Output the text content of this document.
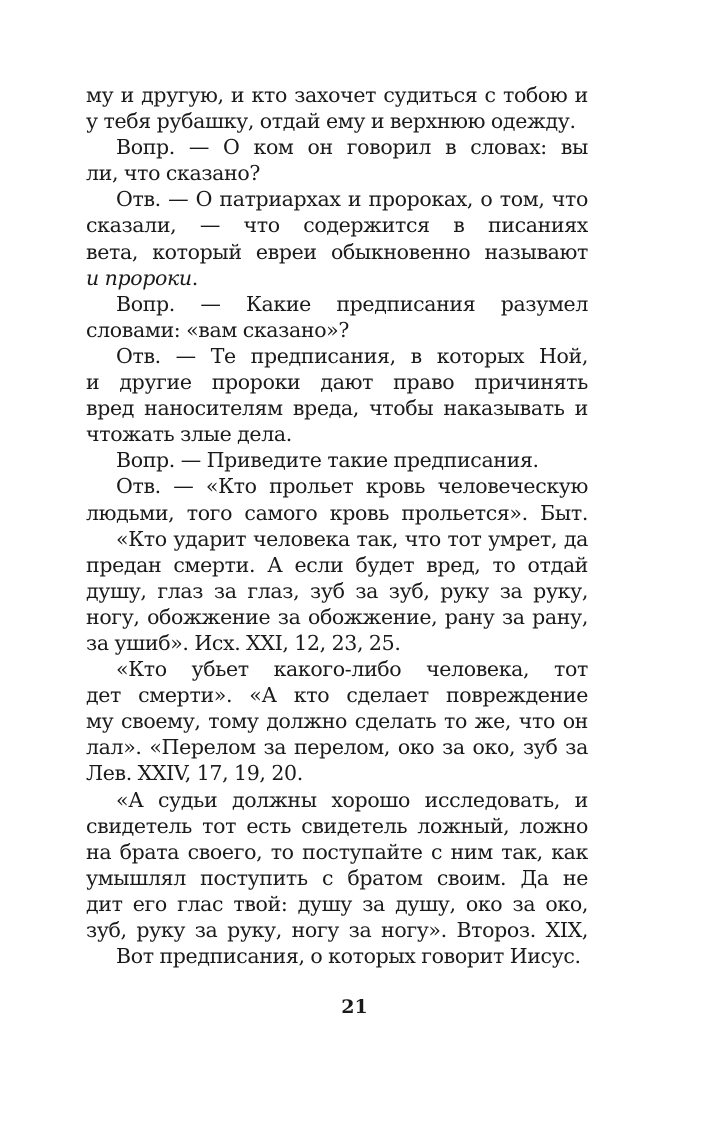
му и другую, и кто захочет судиться с тобою и
у тебя рубашку, отдай ему и верхнюю одежду.
Вопр. — О ком он говорил в словах: вы
ли, что сказано?
Отв. — О патриархах и пророках, о том, что
сказали, — что содержится в писаниях
вета, который евреи обыкновенно называют
и пророки.
Вопр. — Какие предписания разумел
словами: «вам сказано»?
Отв. — Те предписания, в которых Ной,
и другие пророки дают право причинять
вред наносителям вреда, чтобы наказывать и
чтожать злые дела.
Вопр. — Приведите такие предписания.
Отв. — «Кто прольет кровь человеческую
людьми, того самого кровь прольется». Быт.
«Кто ударит человека так, что тот умрет, да
предан смерти. А если будет вред, то отдай
душу, глаз за глаз, зуб за зуб, руку за руку,
ногу, обожжение за обожжение, рану за рану,
за ушиб». Исх. XXI, 12, 23, 25.
«Кто убьет какого-либо человека, тот
дет смерти». «А кто сделает повреждение
му своему, тому должно сделать то же, что он
лал». «Перелом за перелом, око за око, зуб за
Лев. XXIV, 17, 19, 20.
«А судьи должны хорошо исследовать, и
свидетель тот есть свидетель ложный, ложно
на брата своего, то поступайте с ним так, как
умышлял поступить с братом своим. Да не
дит его глас твой: душу за душу, око за око,
зуб, руку за руку, ногу за ногу». Второз. XIX,
Вот предписания, о которых говорит Иисус.
21
